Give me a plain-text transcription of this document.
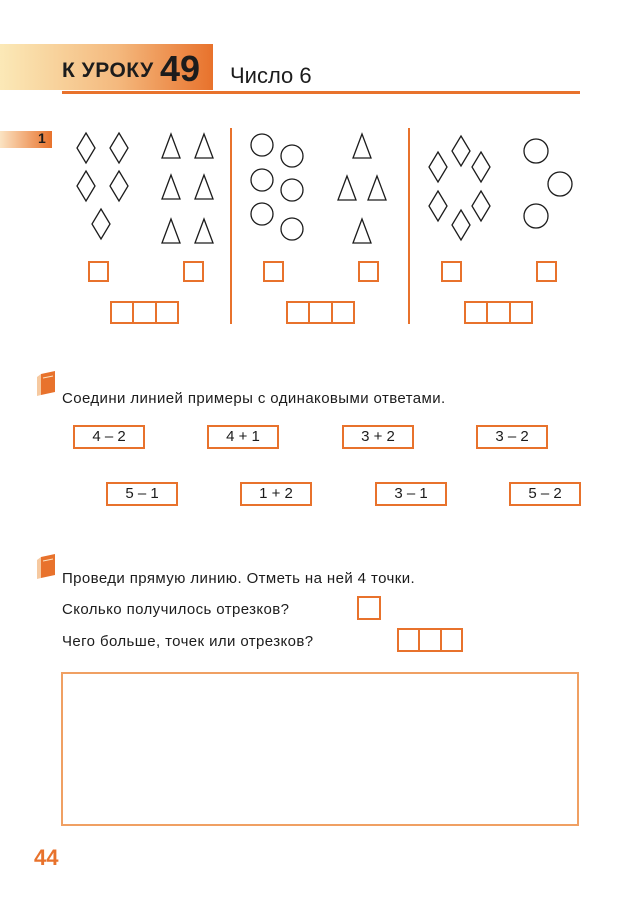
К УРОКУ 49 Число 6
1
Соедини линией примеры с одинаковыми ответами.
4 – 2	4 + 1	3 + 2	3 – 2
5 – 1	1 + 2	3 – 1	5 – 2
Проведи прямую линию. Отметь на ней 4 точки.
Сколько получилось отрезков?
Чего больше, точек или отрезков?
44
